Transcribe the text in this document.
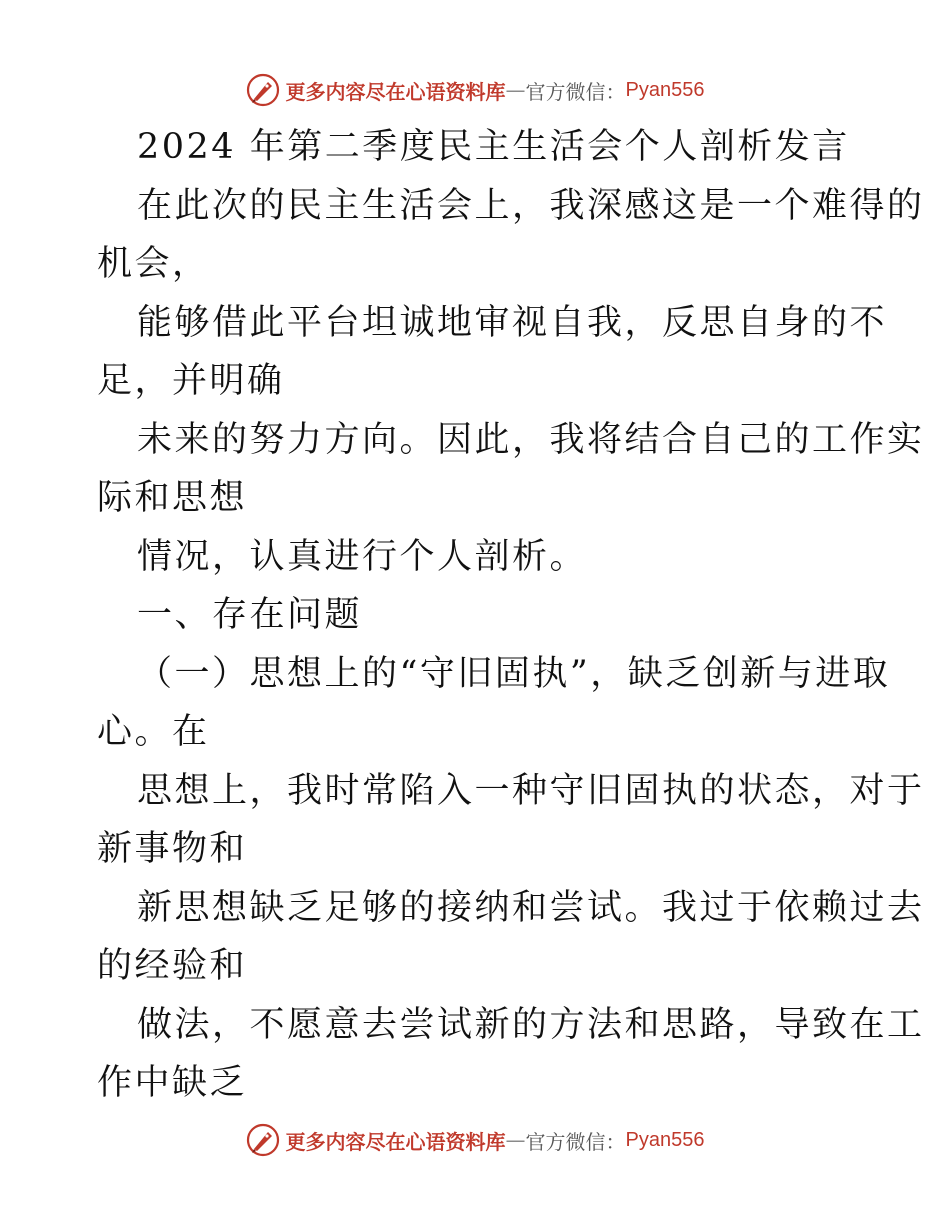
更多内容尽在心语资料库 — 官方微信： Pyan556
2024 年第二季度民主生活会个人剖析发言
在此次的民主生活会上，我深感这是一个难得的
机会，
能够借此平台坦诚地审视自我，反思自身的不
足，并明确
未来的努力方向。因此，我将结合自己的工作实
际和思想
情况，认真进行个人剖析。
一、存在问题
（一）思想上的“守旧固执”，缺乏创新与进取
心。在
思想上，我时常陷入一种守旧固执的状态，对于
新事物和
新思想缺乏足够的接纳和尝试。我过于依赖过去
的经验和
做法，不愿意去尝试新的方法和思路，导致在工
作中缺乏
更多内容尽在心语资料库 — 官方微信： Pyan556
